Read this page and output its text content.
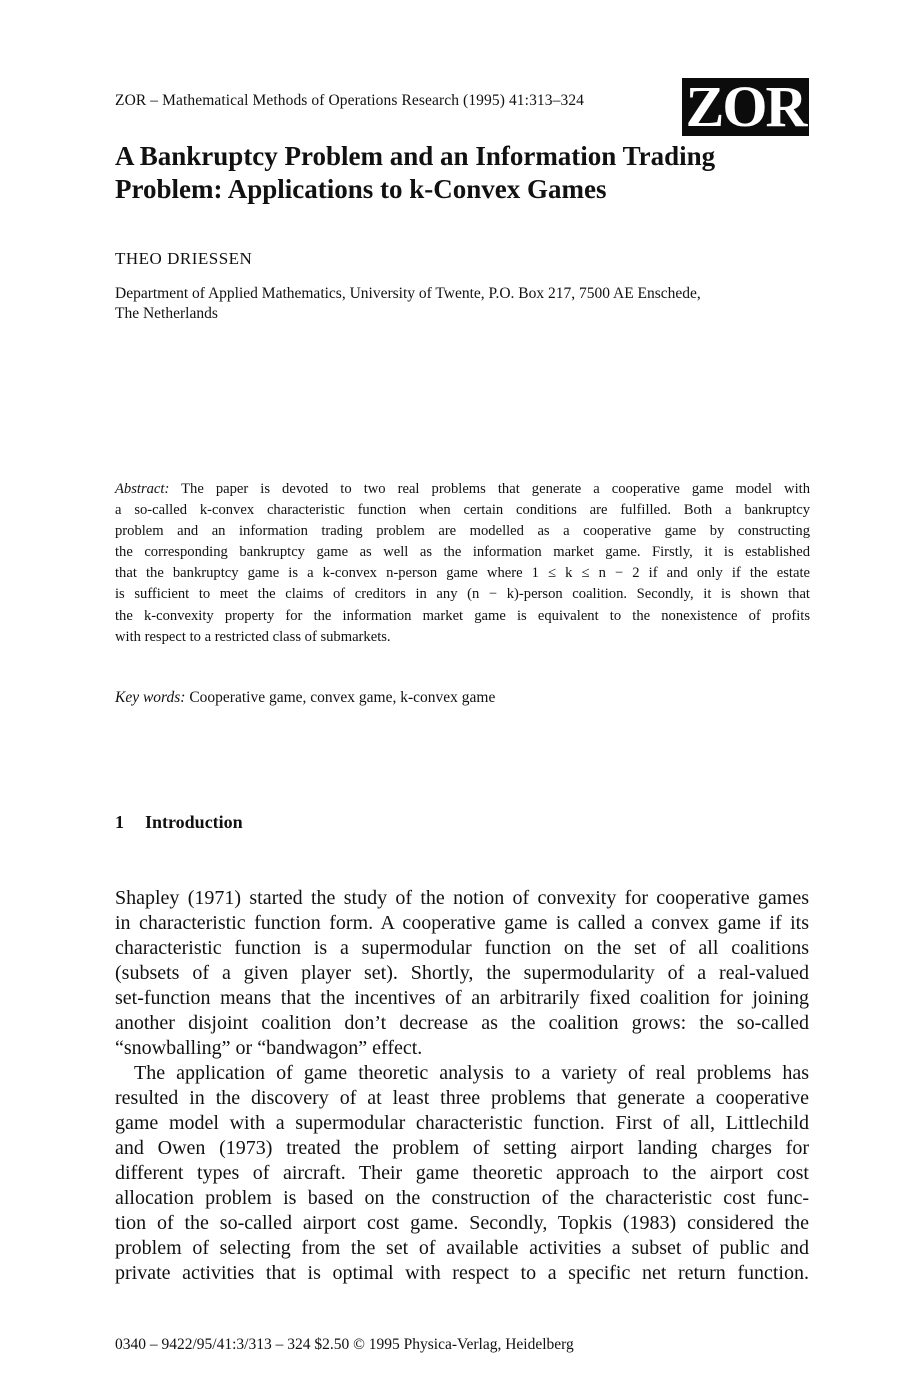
ZOR – Mathematical Methods of Operations Research (1995) 41:313–324 ZOR
A Bankruptcy Problem and an Information Trading
Problem: Applications to k-Convex Games
THEO DRIESSEN
Department of Applied Mathematics, University of Twente, P.O. Box 217, 7500 AE Enschede,
The Netherlands
Abstract: The paper is devoted to two real problems that generate a cooperative game model with
a so-called k-convex characteristic function when certain conditions are fulfilled. Both a bankruptcy
problem and an information trading problem are modelled as a cooperative game by constructing
the corresponding bankruptcy game as well as the information market game. Firstly, it is established
that the bankruptcy game is a k-convex n-person game where 1 ≤ k ≤ n − 2 if and only if the estate
is sufficient to meet the claims of creditors in any (n − k)-person coalition. Secondly, it is shown that
the k-convexity property for the information market game is equivalent to the nonexistence of profits
with respect to a restricted class of submarkets.
Key words: Cooperative game, convex game, k-convex game
1 Introduction
Shapley (1971) started the study of the notion of convexity for cooperative games
in characteristic function form. A cooperative game is called a convex game if its
characteristic function is a supermodular function on the set of all coalitions
(subsets of a given player set). Shortly, the supermodularity of a real-valued
set-function means that the incentives of an arbitrarily fixed coalition for joining
another disjoint coalition don’t decrease as the coalition grows: the so-called
“snowballing” or “bandwagon” effect.
The application of game theoretic analysis to a variety of real problems has
resulted in the discovery of at least three problems that generate a cooperative
game model with a supermodular characteristic function. First of all, Littlechild
and Owen (1973) treated the problem of setting airport landing charges for
different types of aircraft. Their game theoretic approach to the airport cost
allocation problem is based on the construction of the characteristic cost func-
tion of the so-called airport cost game. Secondly, Topkis (1983) considered the
problem of selecting from the set of available activities a subset of public and
private activities that is optimal with respect to a specific net return function.
0340 – 9422/95/41:3/313 – 324 $2.50 © 1995 Physica-Verlag, Heidelberg
